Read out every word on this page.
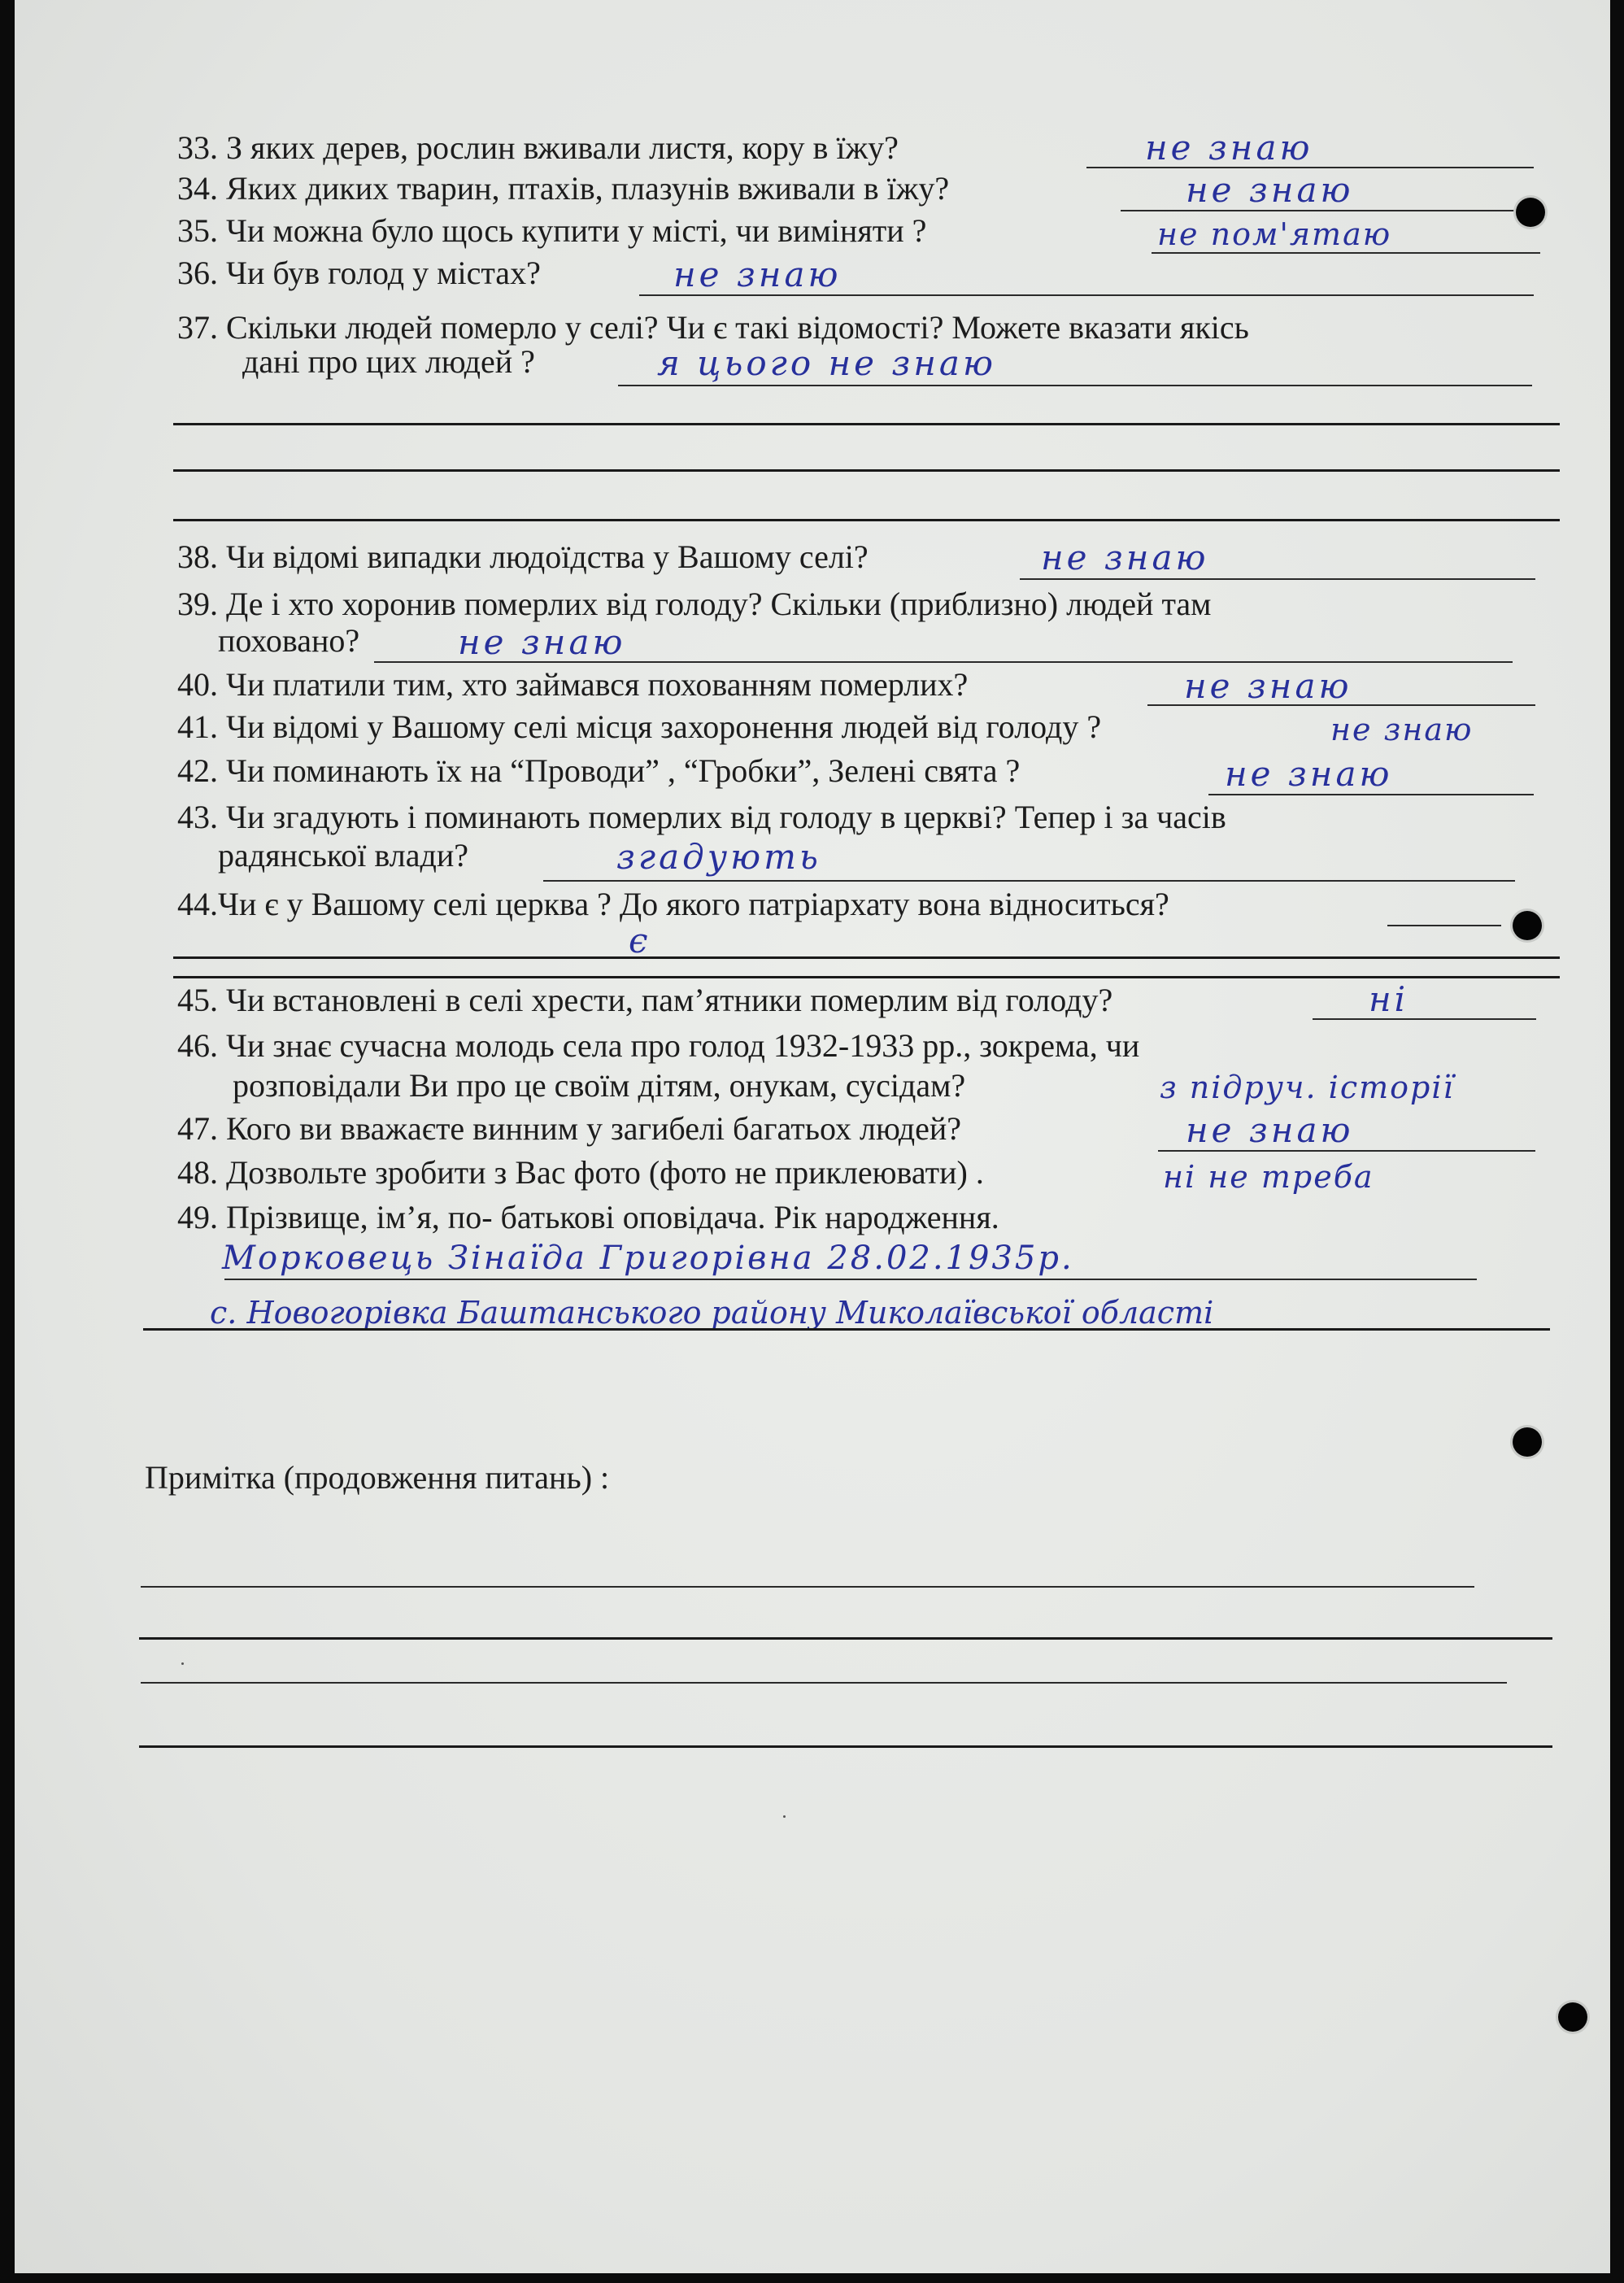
33. З яких дерев, рослин вживали листя, кору в їжу?	не знаю
34. Яких диких тварин, птахів, плазунів вживали в їжу?	не знаю
35. Чи можна було щось купити у місті, чи виміняти ?	не пом'ятаю
36. Чи був голод у містах?	не знаю
37. Скільки людей померло у селі? Чи є такі відомості? Можете вказати якісь
дані про цих людей ?	я цього не знаю
38. Чи відомі випадки людоїдства у Вашому селі?	не знаю
39. Де і хто хоронив померлих від голоду? Скільки (приблизно) людей там
поховано?	не знаю
40. Чи платили тим, хто займався похованням померлих?	не знаю
41. Чи відомі у Вашому селі місця захоронення людей від голоду ?	не знаю
42. Чи поминають їх на “Проводи” , “Гробки”, Зелені свята ?	не знаю
43. Чи згадують і поминають померлих від голоду в церкві? Тепер і за часів
радянської влади?	згадують
44.Чи є у Вашому селі церква ? До якого патріархату вона відноситься?
є
45. Чи встановлені в селі хрести, пам’ятники померлим від голоду?	ні
46. Чи знає сучасна молодь села про голод 1932-1933 рр., зокрема, чи
розповідали Ви про це своїм дітям, онукам, сусідам?	з підруч. історії
47. Кого ви вважаєте винним у загибелі багатьох людей?	не знаю
48. Дозвольте зробити з Вас фото (фото не приклеювати) .	ні не треба
49. Прізвище, ім’я, по- батькові оповідача. Рік народження.
Морковець Зінаїда Григорівна 28.02.1935р.
с. Новогорівка Баштанського району Миколаївської області
Примітка (продовження питань) :
